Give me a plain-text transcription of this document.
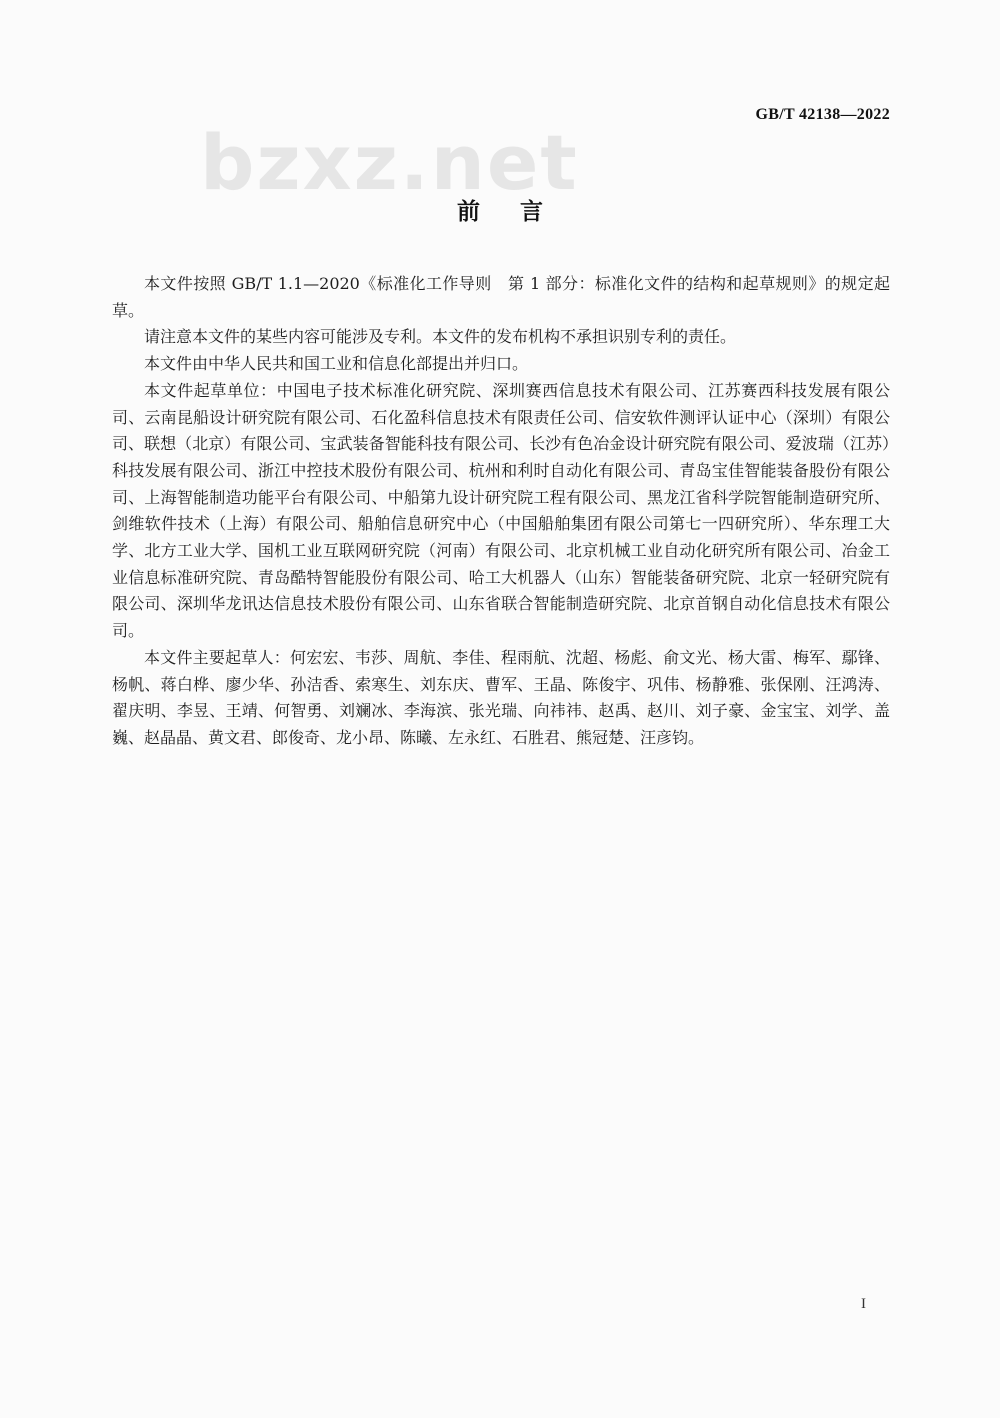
bzxz.net
GB/T 42138—2022
前言

本文件按照 GB/T 1.1—2020《标准化工作导则　第 1 部分：标准化文件的结构和起草规则》的规定起草。

请注意本文件的某些内容可能涉及专利。本文件的发布机构不承担识别专利的责任。

本文件由中华人民共和国工业和信息化部提出并归口。

本文件起草单位：中国电子技术标准化研究院、深圳赛西信息技术有限公司、江苏赛西科技发展有限公司、云南昆船设计研究院有限公司、石化盈科信息技术有限责任公司、信安软件测评认证中心（深圳）有限公司、联想（北京）有限公司、宝武装备智能科技有限公司、长沙有色冶金设计研究院有限公司、爱波瑞（江苏）科技发展有限公司、浙江中控技术股份有限公司、杭州和利时自动化有限公司、青岛宝佳智能装备股份有限公司、上海智能制造功能平台有限公司、中船第九设计研究院工程有限公司、黑龙江省科学院智能制造研究所、剑维软件技术（上海）有限公司、船舶信息研究中心（中国船舶集团有限公司第七一四研究所）、华东理工大学、北方工业大学、国机工业互联网研究院（河南）有限公司、北京机械工业自动化研究所有限公司、冶金工业信息标准研究院、青岛酷特智能股份有限公司、哈工大机器人（山东）智能装备研究院、北京一轻研究院有限公司、深圳华龙讯达信息技术股份有限公司、山东省联合智能制造研究院、北京首钢自动化信息技术有限公司。

本文件主要起草人：何宏宏、韦莎、周航、李佳、程雨航、沈超、杨彪、俞文光、杨大雷、梅军、鄢锋、杨帆、蒋白桦、廖少华、孙洁香、索寒生、刘东庆、曹军、王晶、陈俊宇、巩伟、杨静雅、张保刚、汪鸿涛、翟庆明、李昱、王靖、何智勇、刘斓冰、李海滨、张光瑞、向祎祎、赵禹、赵川、刘子豪、金宝宝、刘学、盖巍、赵晶晶、黄文君、郎俊奇、龙小昂、陈曦、左永红、石胜君、熊冠楚、汪彦钧。

I
